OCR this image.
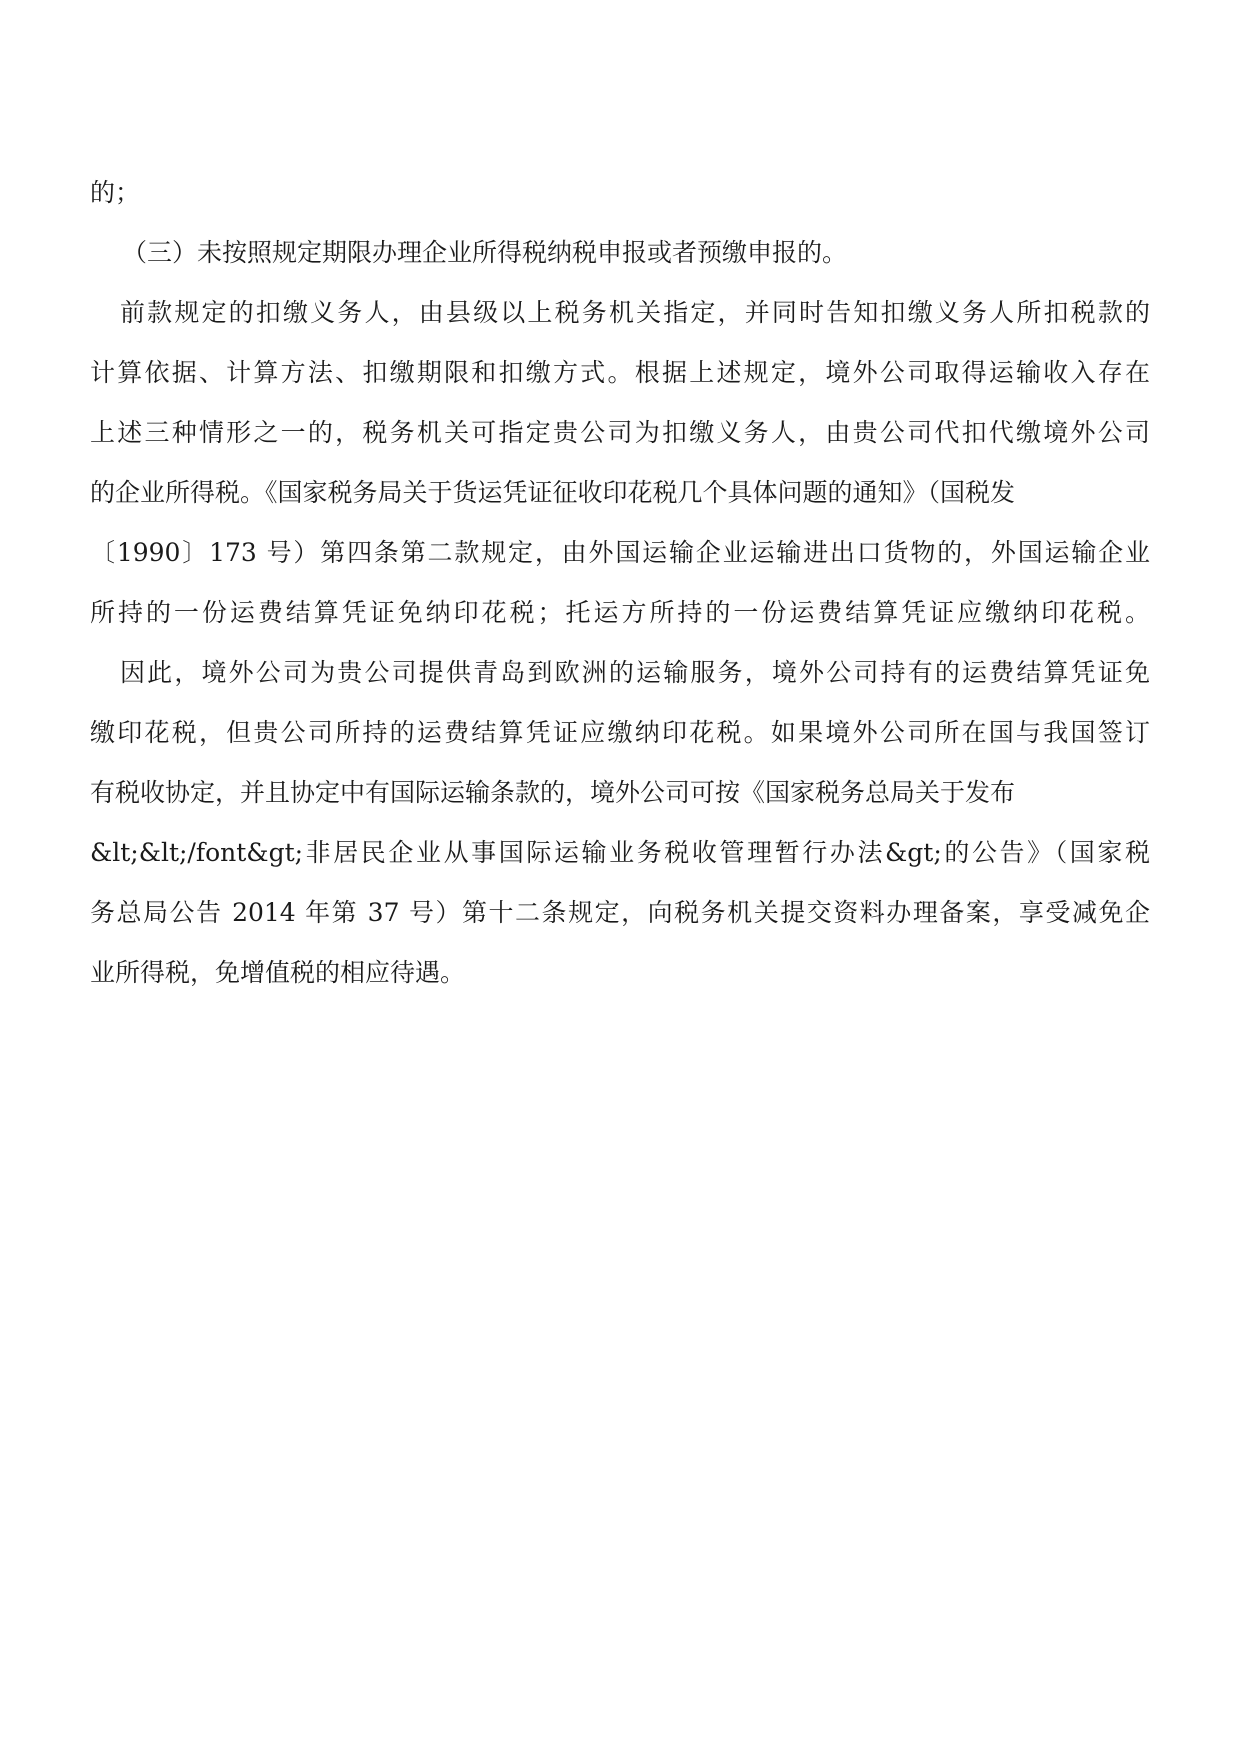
的；
（三）未按照规定期限办理企业所得税纳税申报或者预缴申报的。
前款规定的扣缴义务人，由县级以上税务机关指定，并同时告知扣缴义务人所扣税款的
计算依据、计算方法、扣缴期限和扣缴方式。根据上述规定，境外公司取得运输收入存在
上述三种情形之一的，税务机关可指定贵公司为扣缴义务人，由贵公司代扣代缴境外公司
的企业所得税。《国家税务局关于货运凭证征收印花税几个具体问题的通知》（国税发
〔1990〕173 号）第四条第二款规定，由外国运输企业运输进出口货物的，外国运输企业
所持的一份运费结算凭证免纳印花税；托运方所持的一份运费结算凭证应缴纳印花税。
因此，境外公司为贵公司提供青岛到欧洲的运输服务，境外公司持有的运费结算凭证免
缴印花税，但贵公司所持的运费结算凭证应缴纳印花税。如果境外公司所在国与我国签订
有税收协定，并且协定中有国际运输条款的，境外公司可按《国家税务总局关于发布
&lt;&lt;/font&gt;非居民企业从事国际运输业务税收管理暂行办法&gt;的公告》（国家税
务总局公告 2014 年第 37 号）第十二条规定，向税务机关提交资料办理备案，享受减免企
业所得税，免增值税的相应待遇。
